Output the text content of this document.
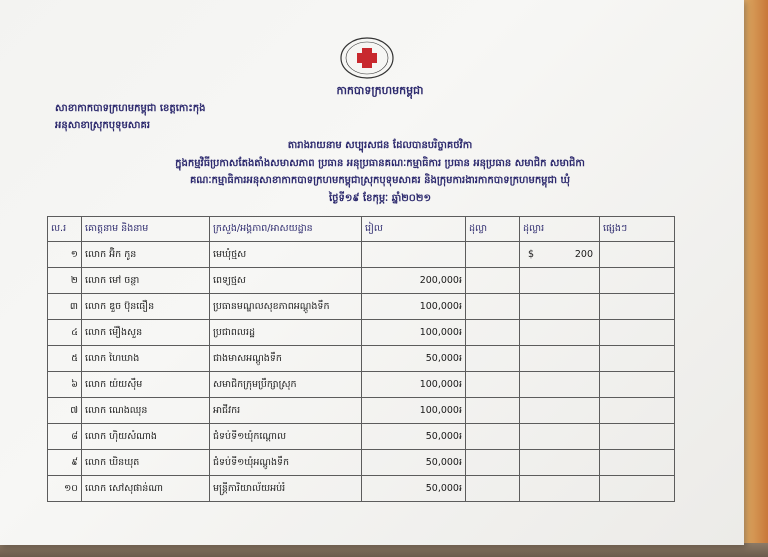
កាកបាទក្រហមកម្ពុជា
សាខាកាកបាទក្រហមកម្ពុជា ខេត្តកោះកុង
អនុសាខាស្រុកបុទុមសាគរ
តារាងរាយនាម សប្បុរសជន ដែលបានបរិច្ចាគថវិកា
ក្នុងកម្មវិធីប្រកាសតែងតាំងសមាសភាព ប្រធាន អនុប្រធានគណៈកម្មាធិការ ប្រធាន អនុប្រធាន សមាជិក សមាជិកា
គណៈកម្មាធិការអនុសាខាកាកបាទក្រហមកម្ពុជាស្រុកបុទុមសាគរ និងក្រុមការងារកាកបាទក្រហមកម្ពុជា ឃុំ
ថ្ងៃទី១៩ ខែកុម្ភៈ ឆ្នាំ២០២១
ល.រ	គោត្តនាម និងនាម	ក្រសួង/អង្គភាព/អាសយដ្ឋាន	រៀល	ដុល្លា	ដុល្លារ	ផ្សេងៗ
១	លោក អ៊ិក កូន	មេឃុំថ្មស			$ 200	

២	លោក មៅ ចន្ថា	ពេទ្យថ្មស	200,000៛		

៣	លោក ឌួច ប៊ុនធឿន	ប្រធានមណ្ឌលសុខភាពអណ្តូងទឹក	100,000៛		

៤	លោក ម៉ឿងសួន	ប្រជាពលរដ្ឋ	100,000៛		

៥	លោក ហៃឃាង	ជាងមាសអណ្តូងទឹក	50,000៛		

៦	លោក យ៉យស៊ឹម	សមាជិកក្រុមប្រឹក្សាស្រុក	100,000៛		

៧	លោក ណេងឈុន	អាជីវករ	100,000៛		

៨	លោក ហ៊ិយសំណាង	ជំទប់ទី១ឃុំកណ្តោល	50,000៛		

៩	លោក ឃិនឃុត	ជំទប់ទី១ឃុំអណ្តូងទឹក	50,000៛		

១០	លោក សៅសុផាន់ណា	មន្ត្រីការិយាល័យអប់រំ	50,000៛		
